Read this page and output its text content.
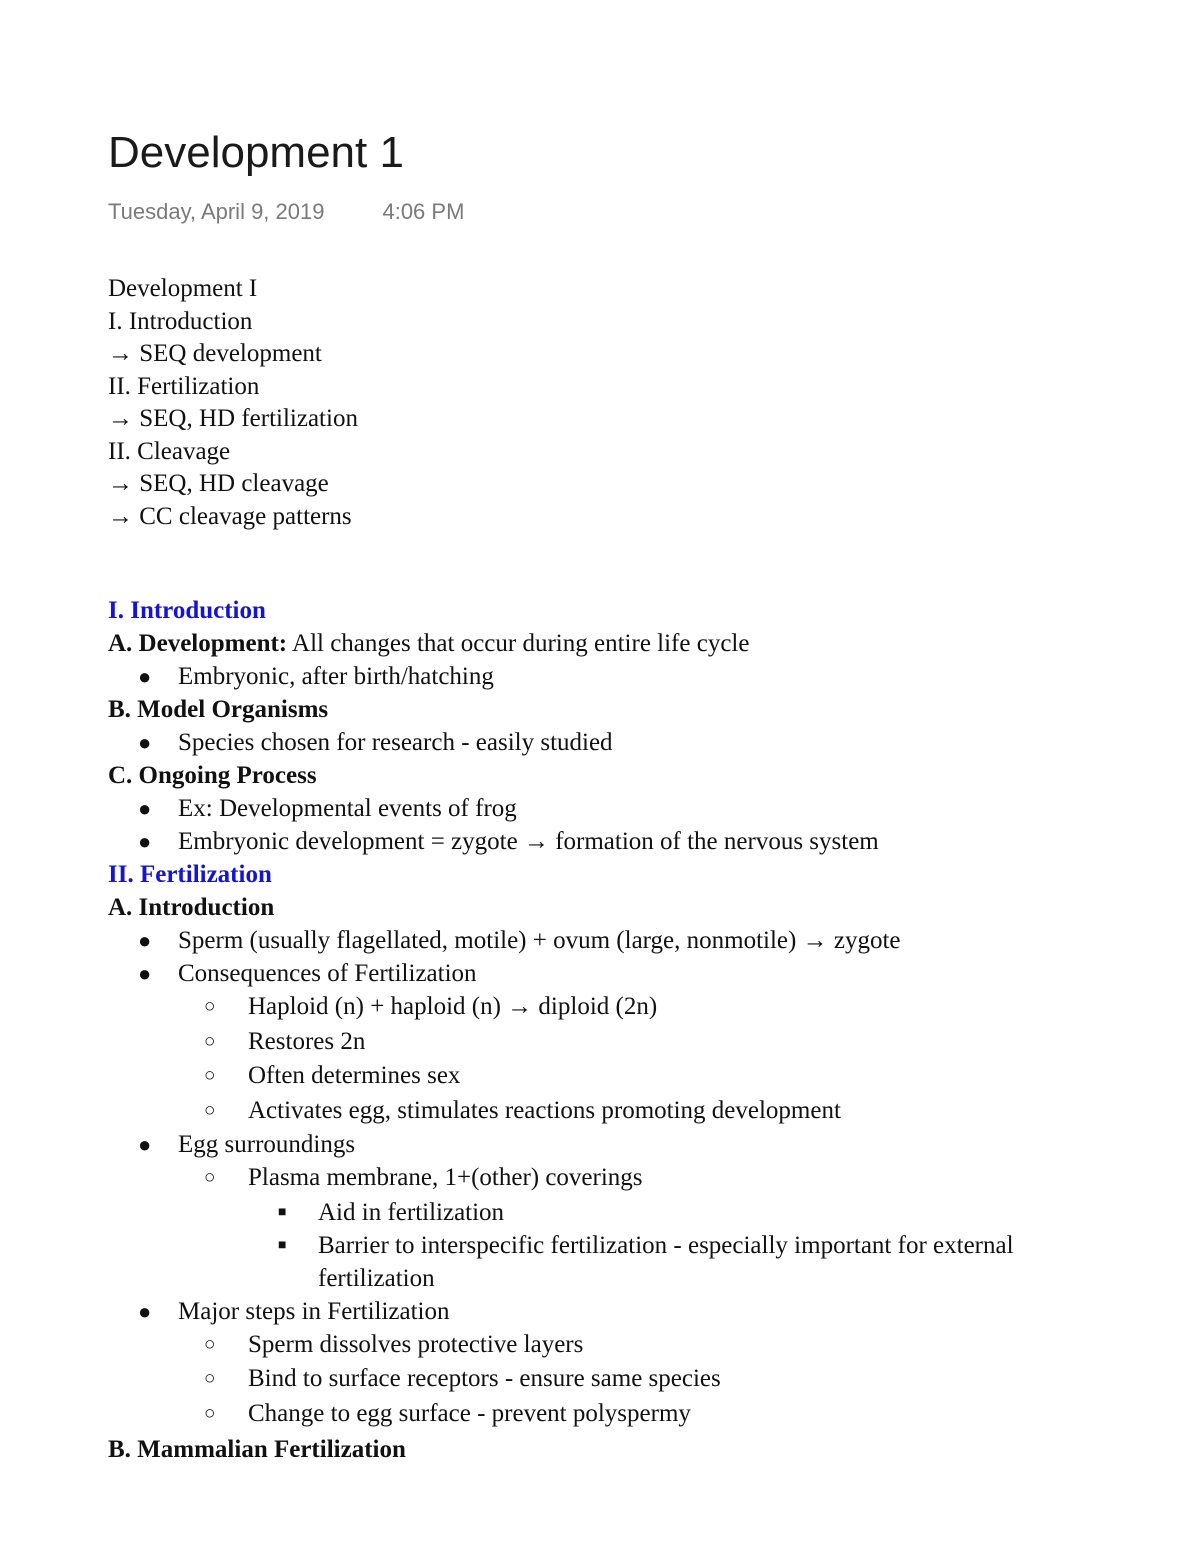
Development 1
Tuesday, April 9, 2019	4:06 PM
Development I
I. Introduction
→ SEQ development
II. Fertilization
→ SEQ, HD fertilization
II. Cleavage
→ SEQ, HD cleavage
→ CC cleavage patterns
I. Introduction
A. Development: All changes that occur during entire life cycle
● Embryonic, after birth/hatching
B. Model Organisms
● Species chosen for research - easily studied
C. Ongoing Process
● Ex: Developmental events of frog
● Embryonic development = zygote → formation of the nervous system
II. Fertilization
A. Introduction
● Sperm (usually flagellated, motile) + ovum (large, nonmotile) → zygote
● Consequences of Fertilization
○ Haploid (n) + haploid (n) → diploid (2n)
○ Restores 2n
○ Often determines sex
○ Activates egg, stimulates reactions promoting development
● Egg surroundings
○ Plasma membrane, 1+(other) coverings
■ Aid in fertilization
■ Barrier to interspecific fertilization - especially important for external fertilization
● Major steps in Fertilization
○ Sperm dissolves protective layers
○ Bind to surface receptors - ensure same species
○ Change to egg surface - prevent polyspermy
B. Mammalian Fertilization
